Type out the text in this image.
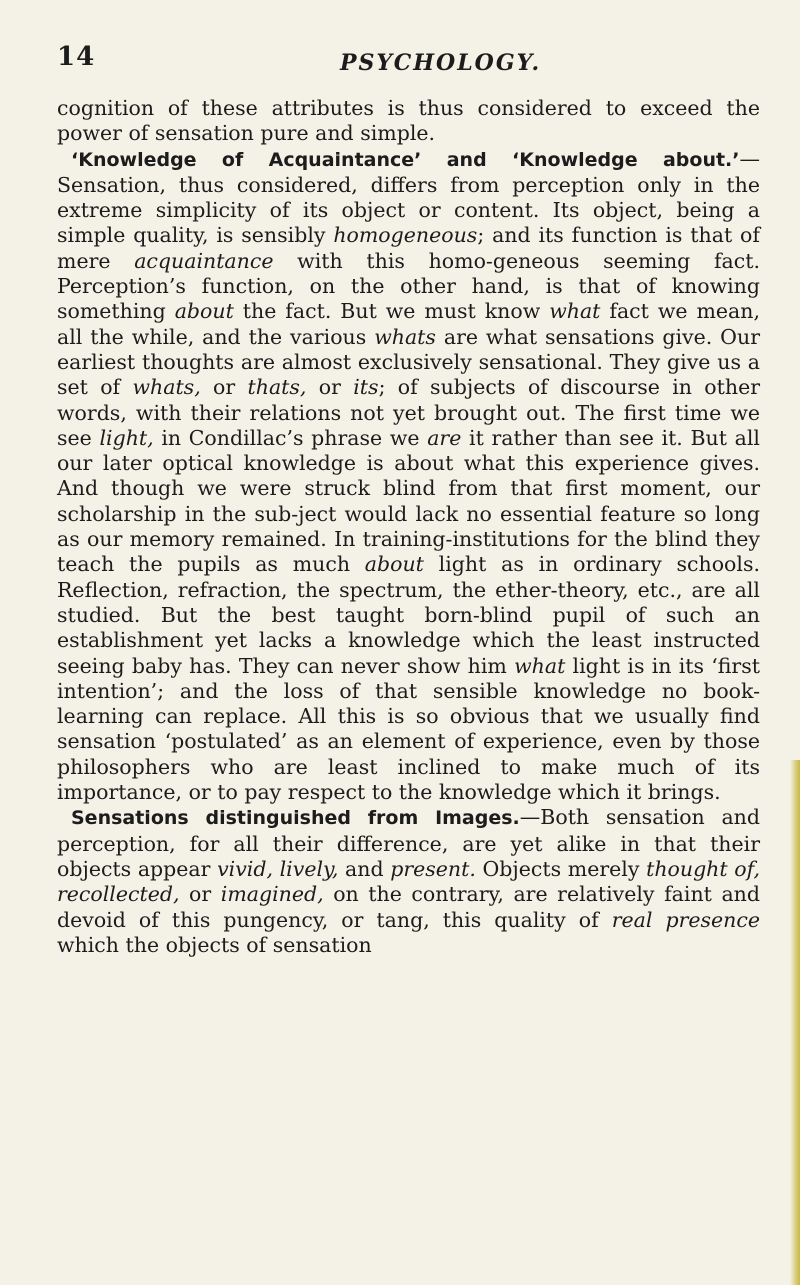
14	PSYCHOLOGY.

cognition of these attributes is thus considered to exceed the power of sensation pure and simple.

‘Knowledge of Acquaintance’ and ‘Knowledge about.’— Sensation, thus considered, differs from perception only in the extreme simplicity of its object or content. Its object, being a simple quality, is sensibly homogeneous; and its function is that of mere acquaintance with this homo-geneous seeming fact. Perception’s function, on the other hand, is that of knowing something about the fact. But we must know what fact we mean, all the while, and the various whats are what sensations give. Our earliest thoughts are almost exclusively sensational. They give us a set of whats, or thats, or its; of subjects of discourse in other words, with their relations not yet brought out. The first time we see light, in Condillac’s phrase we are it rather than see it. But all our later optical knowledge is about what this experience gives. And though we were struck blind from that first moment, our scholarship in the sub-ject would lack no essential feature so long as our memory remained. In training-institutions for the blind they teach the pupils as much about light as in ordinary schools. Reflection, refraction, the spectrum, the ether-theory, etc., are all studied. But the best taught born-blind pupil of such an establishment yet lacks a knowledge which the least instructed seeing baby has. They can never show him what light is in its ‘first intention’; and the loss of that sensible knowledge no book-learning can replace. All this is so obvious that we usually find sensation ‘postulated’ as an element of experience, even by those philosophers who are least inclined to make much of its importance, or to pay respect to the knowledge which it brings.

Sensations distinguished from Images.—Both sensation and perception, for all their difference, are yet alike in that their objects appear vivid, lively, and present. Objects merely thought of, recollected, or imagined, on the contrary, are relatively faint and devoid of this pungency, or tang, this quality of real presence which the objects of sensation
